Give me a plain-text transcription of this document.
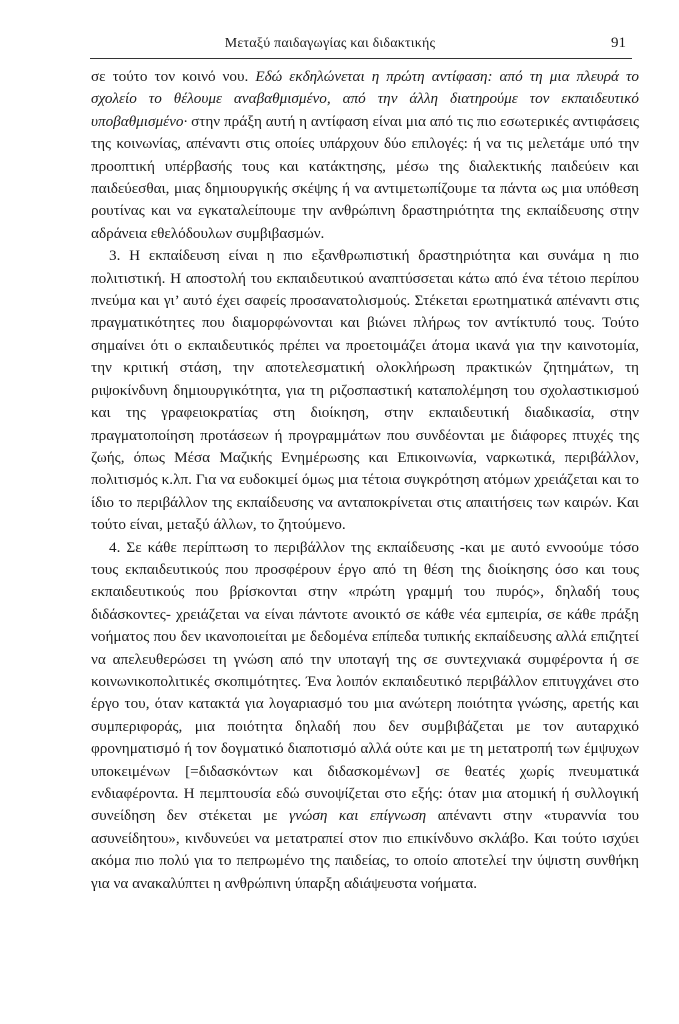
Μεταξύ παιδαγωγίας και διδακτικής	91

σε τούτο τον κοινό νου. Εδώ εκδηλώνεται η πρώτη αντίφαση: από τη μια πλευρά το σχολείο το θέλουμε αναβαθμισμένο, από την άλλη διατηρούμε τον εκπαιδευτικό υποβαθμισμένο· στην πράξη αυτή η αντίφαση είναι μια από τις πιο εσωτερικές αντιφάσεις της κοινωνίας, απέναντι στις οποίες υπάρχουν δύο επιλογές: ή να τις μελετάμε υπό την προοπτική υπέρβασής τους και κατάκτησης, μέσω της διαλεκτικής παιδεύειν και παιδεύεσθαι, μιας δημιουργικής σκέψης ή να αντιμετωπίζουμε τα πάντα ως μια υπόθεση ρουτίνας και να εγκαταλείπουμε την ανθρώπινη δραστηριότητα της εκπαίδευσης στην αδράνεια εθελόδουλων συμβιβασμών.

3. Η εκπαίδευση είναι η πιο εξανθρωπιστική δραστηριότητα και συνάμα η πιο πολιτιστική. Η αποστολή του εκπαιδευτικού αναπτύσσεται κάτω από ένα τέτοιο περίπου πνεύμα και γι’ αυτό έχει σαφείς προσανατολισμούς. Στέκεται ερωτηματικά απέναντι στις πραγματικότητες που διαμορφώνονται και βιώνει πλήρως τον αντίκτυπό τους. Τούτο σημαίνει ότι ο εκπαιδευτικός πρέπει να προετοιμάζει άτομα ικανά για την καινοτομία, την κριτική στάση, την αποτελεσματική ολοκλήρωση πρακτικών ζητημάτων, τη ριψοκίνδυνη δημιουργικότητα, για τη ριζοσπαστική καταπολέμηση του σχολαστικισμού και της γραφειοκρατίας στη διοίκηση, στην εκπαιδευτική διαδικασία, στην πραγματοποίηση προτάσεων ή προγραμμάτων που συνδέονται με διάφορες πτυχές της ζωής, όπως Μέσα Μαζικής Ενημέρωσης και Επικοινωνία, ναρκωτικά, περιβάλλον, πολιτισμός κ.λπ. Για να ευδοκιμεί όμως μια τέτοια συγκρότηση ατόμων χρειάζεται και το ίδιο το περιβάλλον της εκπαίδευσης να ανταποκρίνεται στις απαιτήσεις των καιρών. Και τούτο είναι, μεταξύ άλλων, το ζητούμενο.

4. Σε κάθε περίπτωση το περιβάλλον της εκπαίδευσης -και με αυτό εννοούμε τόσο τους εκπαιδευτικούς που προσφέρουν έργο από τη θέση της διοίκησης όσο και τους εκπαιδευτικούς που βρίσκονται στην «πρώτη γραμμή του πυρός», δηλαδή τους διδάσκοντες- χρειάζεται να είναι πάντοτε ανοικτό σε κάθε νέα εμπειρία, σε κάθε πράξη νοήματος που δεν ικανοποιείται με δεδομένα επίπεδα τυπικής εκπαίδευσης αλλά επιζητεί να απελευθερώσει τη γνώση από την υποταγή της σε συντεχνιακά συμφέροντα ή σε κοινωνικοπολιτικές σκοπιμότητες. Ένα λοιπόν εκπαιδευτικό περιβάλλον επιτυγχάνει στο έργο του, όταν κατακτά για λογαριασμό του μια ανώτερη ποιότητα γνώσης, αρετής και συμπεριφοράς, μια ποιότητα δηλαδή που δεν συμβιβάζεται με τον αυταρχικό φρονηματισμό ή τον δογματικό διαποτισμό αλλά ούτε και με τη μετατροπή των έμψυχων υποκειμένων [=διδασκόντων και διδασκομένων] σε θεατές χωρίς πνευματικά ενδιαφέροντα. Η πεμπτουσία εδώ συνοψίζεται στο εξής: όταν μια ατομική ή συλλογική συνείδηση δεν στέκεται με γνώση και επίγνωση απέναντι στην «τυραννία του ασυνείδητου», κινδυνεύει να μετατραπεί στον πιο επικίνδυνο σκλάβο. Και τούτο ισχύει ακόμα πιο πολύ για το πεπρωμένο της παιδείας, το οποίο αποτελεί την ύψιστη συνθήκη για να ανακαλύπτει η ανθρώπινη ύπαρξη αδιάψευστα νοήματα.
